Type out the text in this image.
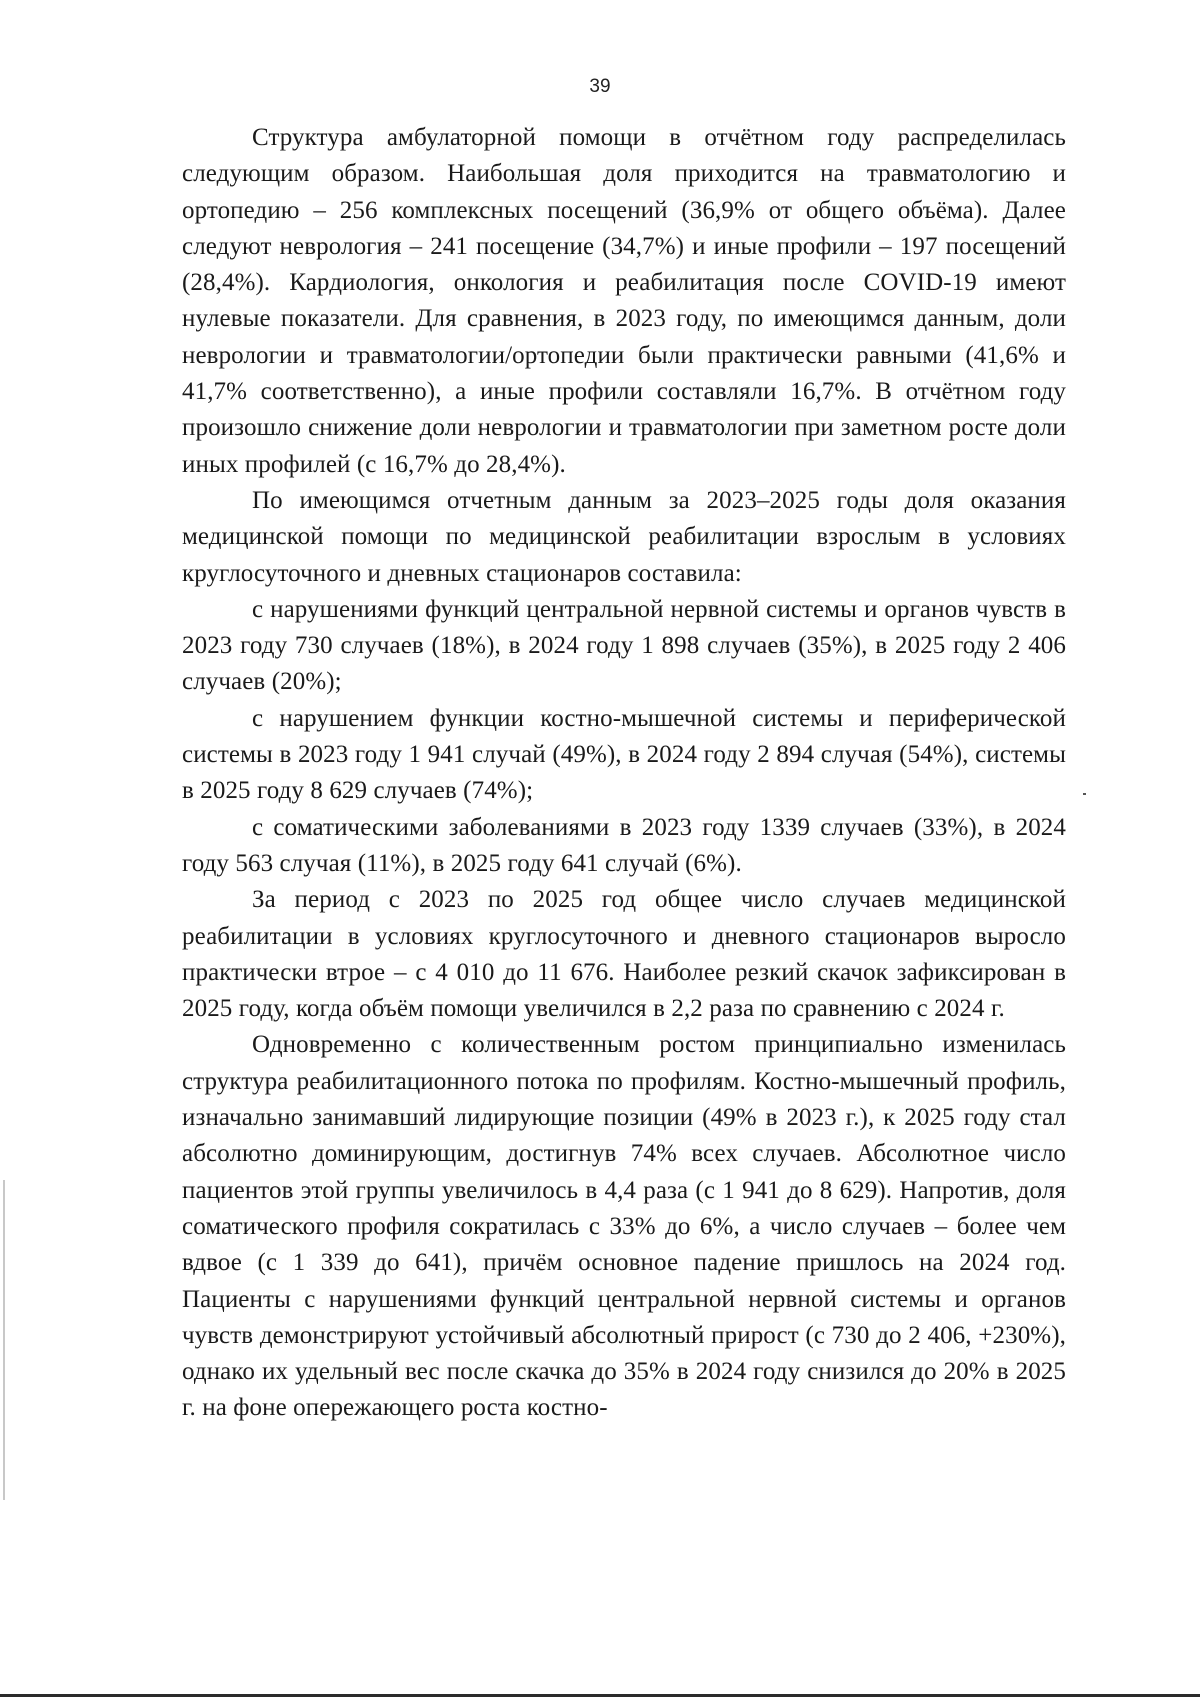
39

Структура амбулаторной помощи в отчётном году распределилась следующим образом. Наибольшая доля приходится на травматологию и ортопедию – 256 комплексных посещений (36,9% от общего объёма). Далее следуют неврология – 241 посещение (34,7%) и иные профили – 197 посещений (28,4%). Кардиология, онкология и реабилитация после COVID-19 имеют нулевые показатели. Для сравнения, в 2023 году, по имеющимся данным, доли неврологии и травматологии/ортопедии были практически равными (41,6% и 41,7% соответственно), а иные профили составляли 16,7%. В отчётном году произошло снижение доли неврологии и травматологии при заметном росте доли иных профилей (с 16,7% до 28,4%).

По имеющимся отчетным данным за 2023–2025 годы доля оказания медицинской помощи по медицинской реабилитации взрослым в условиях круглосуточного и дневных стационаров составила:

с нарушениями функций центральной нервной системы и органов чувств в 2023 году 730 случаев (18%), в 2024 году 1 898 случаев (35%), в 2025 году 2 406 случаев (20%);

с нарушением функции костно-мышечной системы и периферической системы в 2023 году 1 941 случай (49%), в 2024 году 2 894 случая (54%), системы в 2025 году 8 629 случаев (74%);

с соматическими заболеваниями в 2023 году 1339 случаев (33%), в 2024 году 563 случая (11%), в 2025 году 641 случай (6%).

За период с 2023 по 2025 год общее число случаев медицинской реабилитации в условиях круглосуточного и дневного стационаров выросло практически втрое – с 4 010 до 11 676. Наиболее резкий скачок зафиксирован в 2025 году, когда объём помощи увеличился в 2,2 раза по сравнению с 2024 г.

Одновременно с количественным ростом принципиально изменилась структура реабилитационного потока по профилям. Костно-мышечный профиль, изначально занимавший лидирующие позиции (49% в 2023 г.), к 2025 году стал абсолютно доминирующим, достигнув 74% всех случаев. Абсолютное число пациентов этой группы увеличилось в 4,4 раза (с 1 941 до 8 629). Напротив, доля соматического профиля сократилась с 33% до 6%, а число случаев – более чем вдвое (с 1 339 до 641), причём основное падение пришлось на 2024 год. Пациенты с нарушениями функций центральной нервной системы и органов чувств демонстрируют устойчивый абсолютный прирост (с 730 до 2 406, +230%), однако их удельный вес после скачка до 35% в 2024 году снизился до 20% в 2025 г. на фоне опережающего роста костно-
